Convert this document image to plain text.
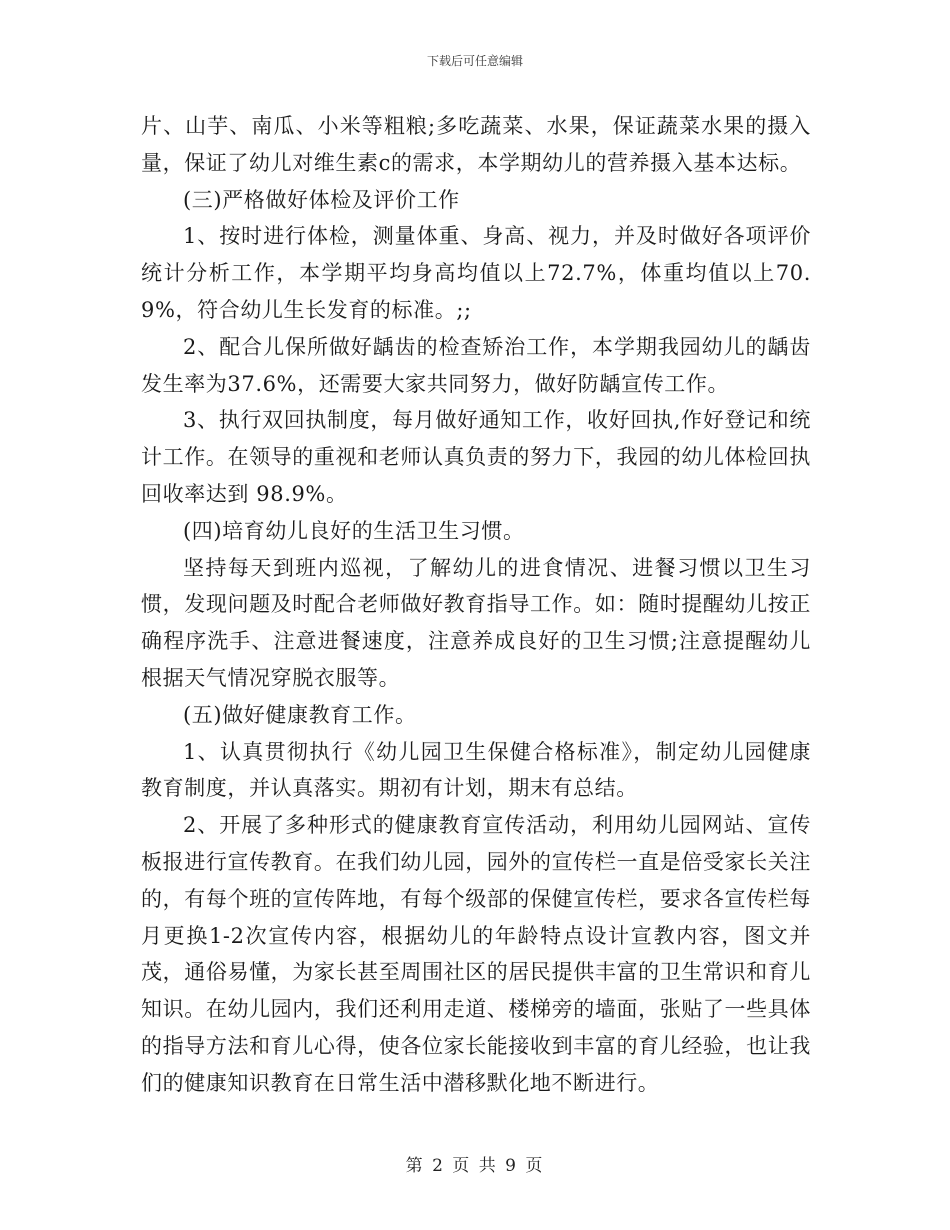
下载后可任意编辑

片、山芋、南瓜、小米等粗粮;多吃蔬菜、水果，保证蔬菜水果的摄入量，保证了幼儿对维生素c的需求，本学期幼儿的营养摄入基本达标。

(三)严格做好体检及评价工作

1、按时进行体检，测量体重、身高、视力，并及时做好各项评价统计分析工作，本学期平均身高均值以上72.7%，体重均值以上70.9%，符合幼儿生长发育的标准。;;

2、配合儿保所做好龋齿的检查矫治工作，本学期我园幼儿的龋齿发生率为37.6%，还需要大家共同努力，做好防龋宣传工作。

3、执行双回执制度，每月做好通知工作，收好回执,作好登记和统计工作。在领导的重视和老师认真负责的努力下，我园的幼儿体检回执回收率达到 98.9%。

(四)培育幼儿良好的生活卫生习惯。

坚持每天到班内巡视，了解幼儿的进食情况、进餐习惯以卫生习惯，发现问题及时配合老师做好教育指导工作。如：随时提醒幼儿按正确程序洗手、注意进餐速度，注意养成良好的卫生习惯;注意提醒幼儿根据天气情况穿脱衣服等。

(五)做好健康教育工作。

1、认真贯彻执行《幼儿园卫生保健合格标准》，制定幼儿园健康教育制度，并认真落实。期初有计划，期末有总结。

2、开展了多种形式的健康教育宣传活动，利用幼儿园网站、宣传板报进行宣传教育。在我们幼儿园，园外的宣传栏一直是倍受家长关注的，有每个班的宣传阵地，有每个级部的保健宣传栏，要求各宣传栏每月更换1-2次宣传内容，根据幼儿的年龄特点设计宣教内容，图文并茂，通俗易懂，为家长甚至周围社区的居民提供丰富的卫生常识和育儿知识。在幼儿园内，我们还利用走道、楼梯旁的墙面，张贴了一些具体的指导方法和育儿心得，使各位家长能接收到丰富的育儿经验，也让我们的健康知识教育在日常生活中潜移默化地不断进行。

第 2 页 共 9 页
